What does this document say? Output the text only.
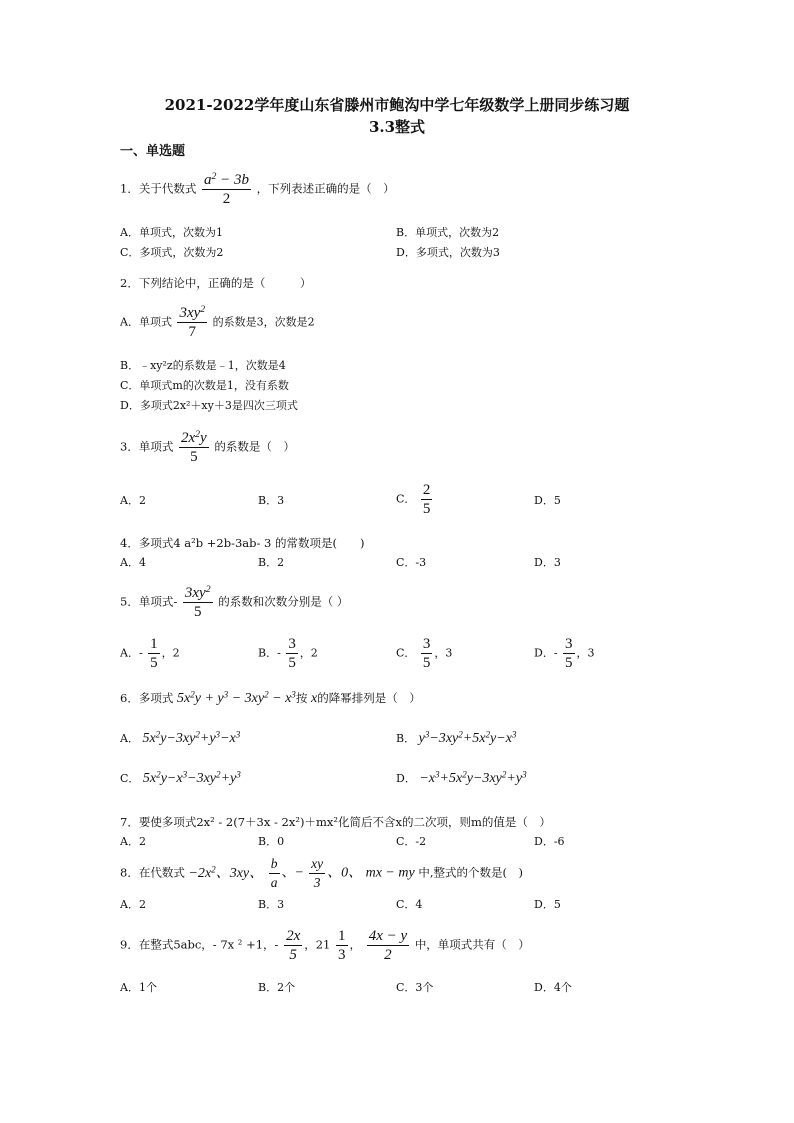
2021-2022学年度山东省滕州市鲍沟中学七年级数学上册同步练习题
3.3整式
一、单选题
1．关于代数式 $\frac{a^2 - 3b}{2}$ ，下列表述正确的是（　）
A．单项式，次数为1	B．单项式，次数为2
C．多项式，次数为2	D．多项式，次数为3
2．下列结论中，正确的是（　　　）
A．单项式 $\frac{3xy^2}{7}$ 的系数是3，次数是2
B．﹣xy²z的系数是﹣1，次数是4
C．单项式m的次数是1，没有系数
D．多项式2x²＋xy＋3是四次三项式
3．单项式 $\frac{2x^2y}{5}$ 的系数是（　）
A．2	B．3	C． $\frac{2}{5}$	D．5
4．多项式4 a²b +2b-3ab- 3 的常数项是(　　)
A．4	B．2	C．-3	D．3
5．单项式- $\frac{3xy^2}{5}$ 的系数和次数分别是（ ）
A．- $\frac{1}{5}$ ，2	B．- $\frac{3}{5}$ ，2	C． $\frac{3}{5}$ ，3	D．- $\frac{3}{5}$ ，3
6．多项式 $5x^2y + y^3 - 3xy^2 - x^3$按 x的降幂排列是（　）
A． $5x^2y-3xy^2+y^3-x^3$	B． $y^3-3xy^2+5x^2y-x^3$
C． $5x^2y-x^3-3xy^2+y^3$	D． $-x^3+5x^2y-3xy^2+y^3$
7．要使多项式2x² - 2(7＋3x - 2x²)＋mx²化简后不含x的二次项，则m的值是（　）
A．2	B．0	C．-2	D．-6
8．在代数式 $-2x^2$、3xy、 $\frac{b}{a}$ 、− $\frac{xy}{3}$ 、0、 mx − my 中,整式的个数是(　)
A．2	B．3	C．4	D．5
9．在整式5abc，- 7x ² +1，- $\frac{2x}{5}$ ，$21 \frac{1}{3}$ ， $\frac{4x - y}{2}$ 中，单项式共有（　）
A．1个	B．2个	C．3个	D．4个
